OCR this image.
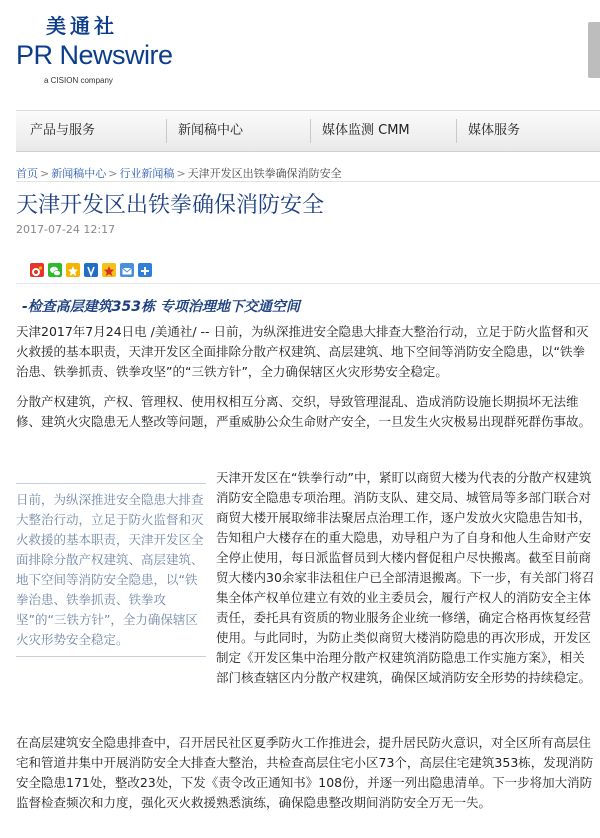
美通社
PR Newswire
a CISION company
产品与服务	新闻稿中心	媒体监测 CMM	媒体服务
首页 > 新闻稿中心 > 行业新闻稿 > 天津开发区出铁拳确保消防安全
天津开发区出铁拳确保消防安全
2017-07-24 12:17
-检查高层建筑353栋 专项治理地下交通空间

天津2017年7月24日电 /美通社/ -- 日前，为纵深推进安全隐患大排查大整治行动，立足于防火监督和灭火救援的基本职责，天津开发区全面排除分散产权建筑、高层建筑、地下空间等消防安全隐患，以“铁拳治患、铁拳抓责、铁拳攻坚”的“三铁方针”，全力确保辖区火灾形势安全稳定。

分散产权建筑，产权、管理权、使用权相互分离、交织，导致管理混乱、造成消防设施长期损坏无法维修、建筑火灾隐患无人整改等问题，严重威胁公众生命财产安全，一旦发生火灾极易出现群死群伤事故。

日前，为纵深推进安全隐患大排查大整治行动，立足于防火监督和灭火救援的基本职责，天津开发区全面排除分散产权建筑、高层建筑、地下空间等消防安全隐患，以“铁拳治患、铁拳抓责、铁拳攻坚”的“三铁方针”，全力确保辖区火灾形势安全稳定。

天津开发区在“铁拳行动”中，紧盯以商贸大楼为代表的分散产权建筑消防安全隐患专项治理。消防支队、建交局、城管局等多部门联合对商贸大楼开展取缔非法聚居点治理工作，逐户发放火灾隐患告知书，告知租户大楼存在的重大隐患，劝导租户为了自身和他人生命财产安全停止使用，每日派监督员到大楼内督促租户尽快搬离。截至目前商贸大楼内30余家非法租住户已全部清退搬离。下一步，有关部门将召集全体产权单位建立有效的业主委员会，履行产权人的消防安全主体责任，委托具有资质的物业服务企业统一修缮，确定合格再恢复经营使用。与此同时，为防止类似商贸大楼消防隐患的再次形成，开发区制定《开发区集中治理分散产权建筑消防隐患工作实施方案》，相关部门核查辖区内分散产权建筑，确保区域消防安全形势的持续稳定。

在高层建筑安全隐患排查中，召开居民社区夏季防火工作推进会，提升居民防火意识，对全区所有高层住宅和管道井集中开展消防安全大排查大整治，共检查高层住宅小区73个，高层住宅建筑353栋，发现消防安全隐患171处，整改23处，下发《责令改正通知书》108份，并逐一列出隐患清单。下一步将加大消防监督检查频次和力度，强化灭火救援熟悉演练，确保隐患整改期间消防安全万无一失。
